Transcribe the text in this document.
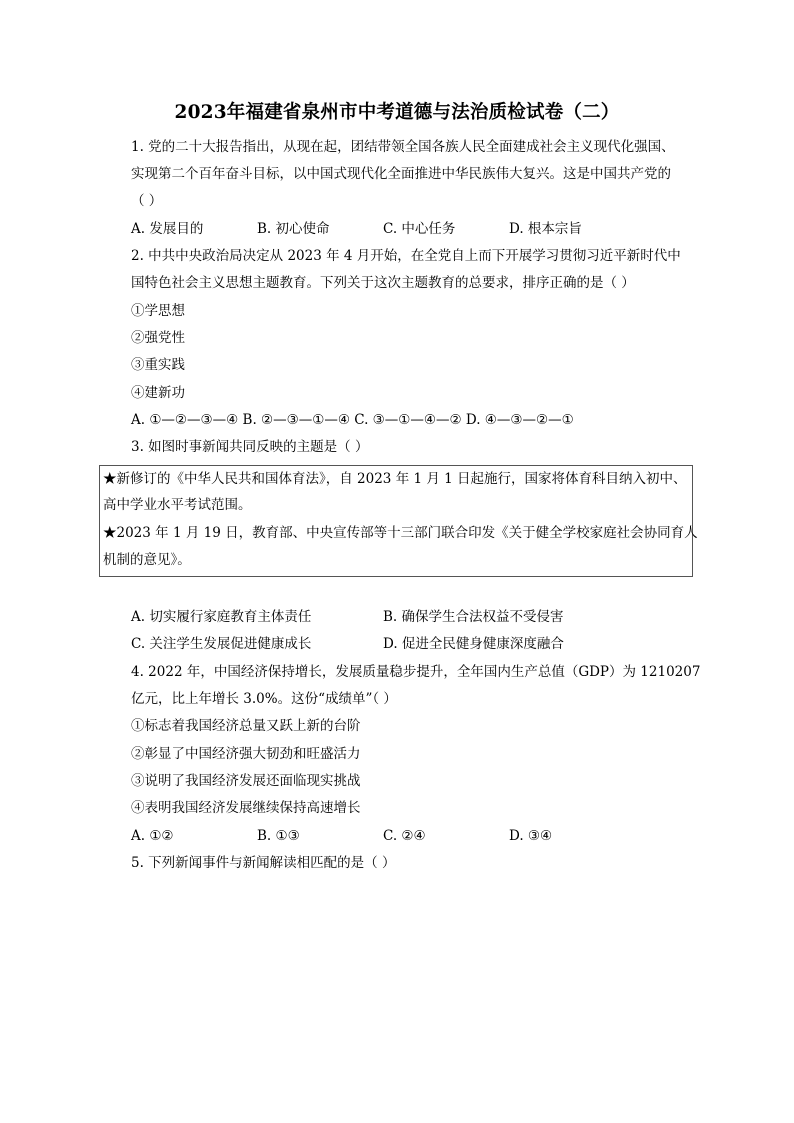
2023年福建省泉州市中考道德与法治质检试卷（二）
1. 党的二十大报告指出，从现在起，团结带领全国各族人民全面建成社会主义现代化强国、
实现第二个百年奋斗目标，以中国式现代化全面推进中华民族伟大复兴。这是中国共产党的
（ ）
A. 发展目的	B. 初心使命	C. 中心任务	D. 根本宗旨
2. 中共中央政治局决定从 2023 年 4 月开始，在全党自上而下开展学习贯彻习近平新时代中
国特色社会主义思想主题教育。下列关于这次主题教育的总要求，排序正确的是（ ）
①学思想
②强党性
③重实践
④建新功
A. ①—②—③—④ B. ②—③—①—④ C. ③—①—④—② D. ④—③—②—①
3. 如图时事新闻共同反映的主题是（ ）
★新修订的《中华人民共和国体育法》，自 2023 年 1 月 1 日起施行，国家将体育科目纳入初中、
高中学业水平考试范围。
★2023 年 1 月 19 日，教育部、中央宣传部等十三部门联合印发《关于健全学校家庭社会协同育人
机制的意见》。
A. 切实履行家庭教育主体责任	B. 确保学生合法权益不受侵害
C. 关注学生发展促进健康成长	D. 促进全民健身健康深度融合
4. 2022 年，中国经济保持增长，发展质量稳步提升，全年国内生产总值（GDP）为 1210207
亿元，比上年增长 3.0%。这份“成绩单”（ ）
①标志着我国经济总量又跃上新的台阶
②彰显了中国经济强大韧劲和旺盛活力
③说明了我国经济发展还面临现实挑战
④表明我国经济发展继续保持高速增长
A. ①②	B. ①③	C. ②④	D. ③④
5. 下列新闻事件与新闻解读相匹配的是（ ）
